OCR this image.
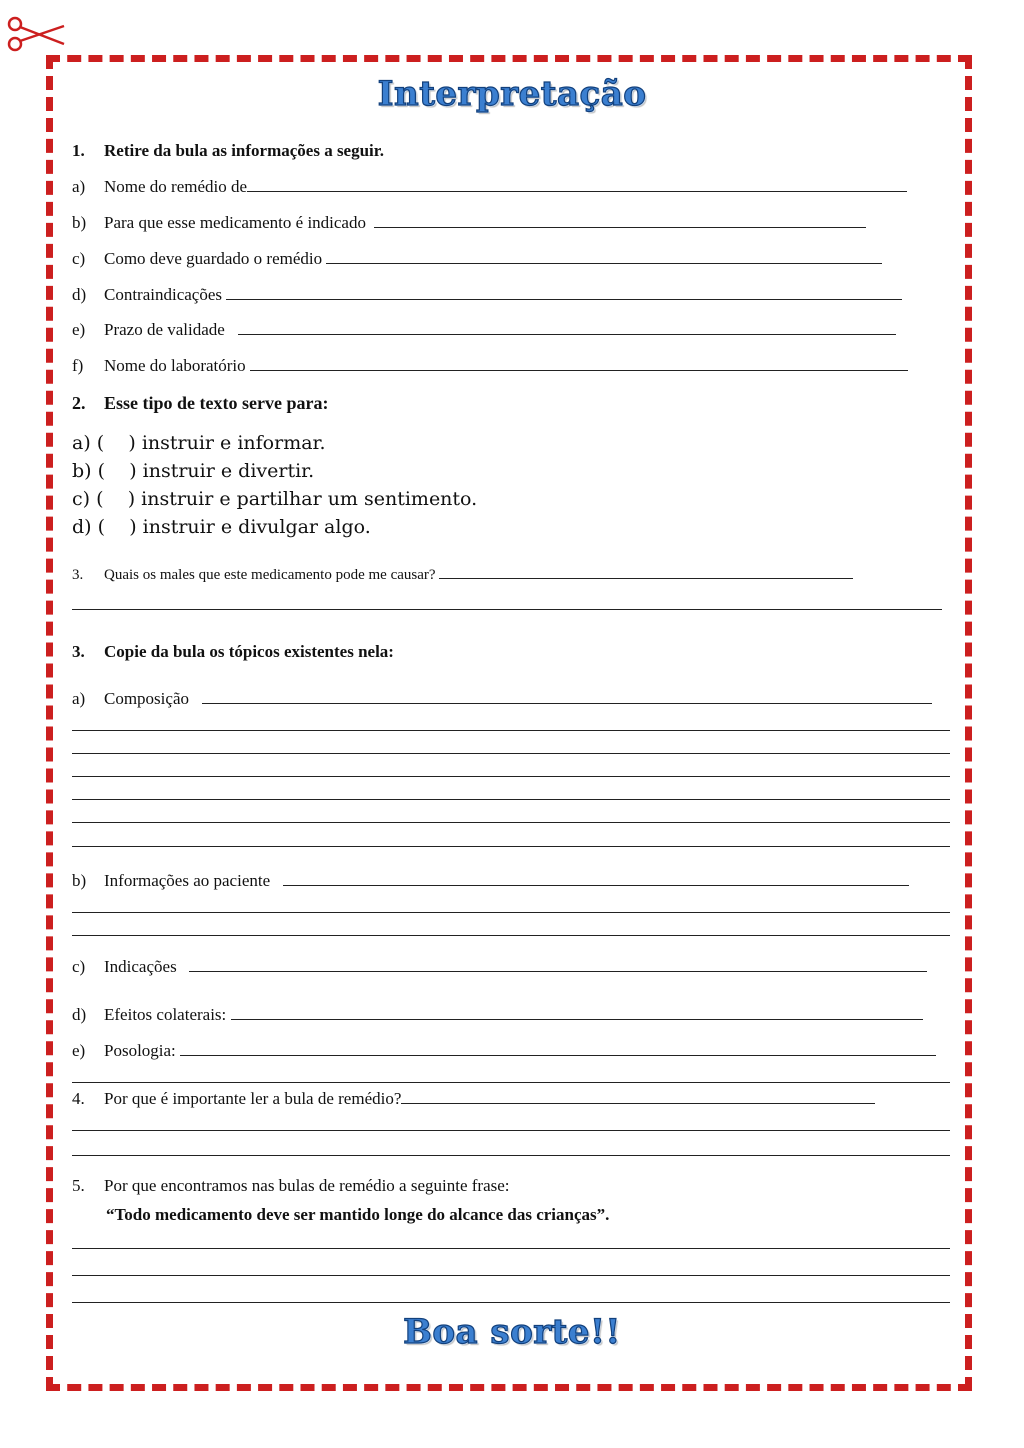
Interpretação
1. Retire da bula as informações a seguir.
a) Nome do remédio de
b) Para que esse medicamento é indicado
c) Como deve guardado o remédio
d) Contraindicações
e) Prazo de validade
f) Nome do laboratório
2. Esse tipo de texto serve para:
a) ( ) instruir e informar.
b) ( ) instruir e divertir.
c) ( ) instruir e partilhar um sentimento.
d) ( ) instruir e divulgar algo.
3. Quais os males que este medicamento pode me causar?
3. Copie da bula os tópicos existentes nela:
a) Composição
b) Informações ao paciente
c) Indicações
d) Efeitos colaterais:
e) Posologia:
4. Por que é importante ler a bula de remédio?
5. Por que encontramos nas bulas de remédio a seguinte frase:
“Todo medicamento deve ser mantido longe do alcance das crianças”.
Boa sorte!!
